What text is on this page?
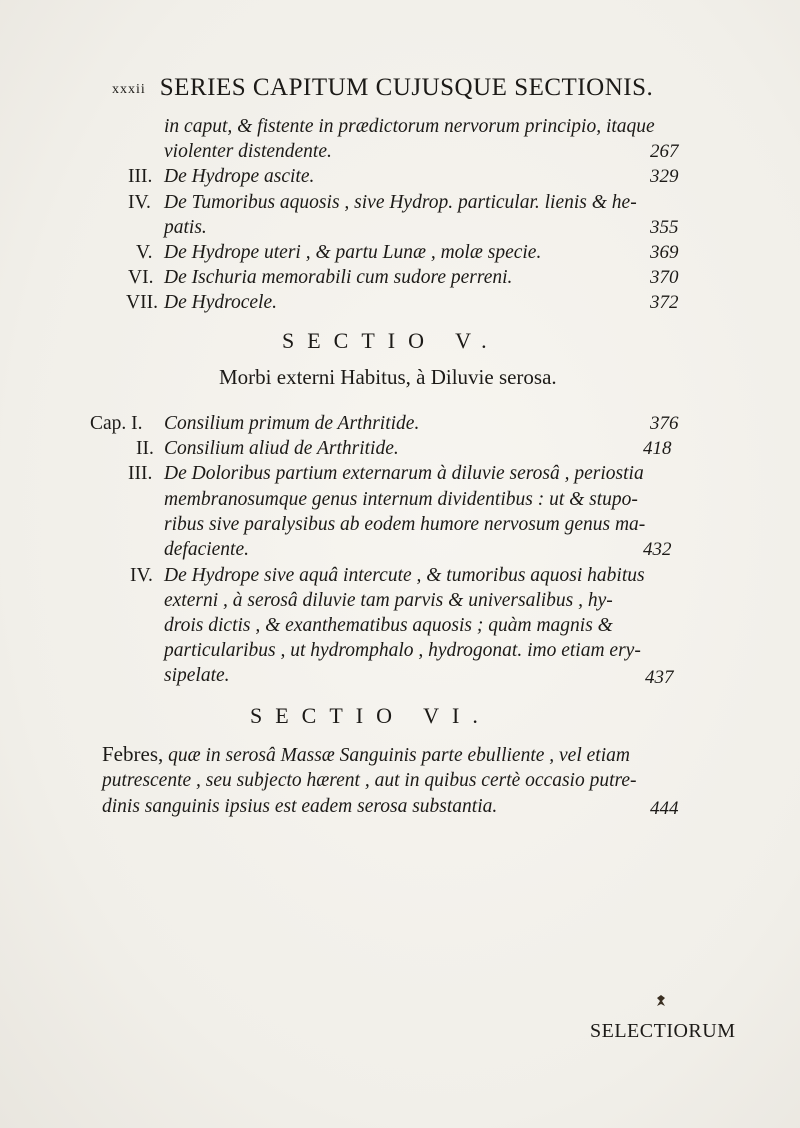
xxxii SERIES CAPITUM CUJUSQUE SECTIONIS.
in caput, & fistente in prædictorum nervorum principio, itaque
violenter distendente.	267
III. De Hydrope ascite.	329
IV. De Tumoribus aquosis , sive Hydrop. particular. lienis & he-
patis.	355
V. De Hydrope uteri , & partu Lunæ , molæ specie.	369
VI. De Ischuria memorabili cum sudore perreni.	370
VII. De Hydrocele.	372
SECTIO V.
Morbi externi Habitus, à Diluvie serosa.
Cap. I. Consilium primum de Arthritide.	376
II. Consilium aliud de Arthritide.	418
III. De Doloribus partium externarum à diluvie serosâ , periostia
membranosumque genus internum dividentibus : ut & stupo-
ribus sive paralysibus ab eodem humore nervosum genus ma-
defaciente.	432
IV. De Hydrope sive aquâ intercute , & tumoribus aquosi habitus
externi , à serosâ diluvie tam parvis & universalibus , hy-
drois dictis , & exanthematibus aquosis ; quàm magnis &
particularibus , ut hydromphalo , hydrogonat. imo etiam ery-
sipelate.	437
SECTIO VI.
Febres, quæ in serosâ Massæ Sanguinis parte ebulliente , vel etiam
putrescente , seu subjecto hærent , aut in quibus certè occasio putre-
dinis sanguinis ipsius est eadem serosa substantia.	444
SELECTIORUM
